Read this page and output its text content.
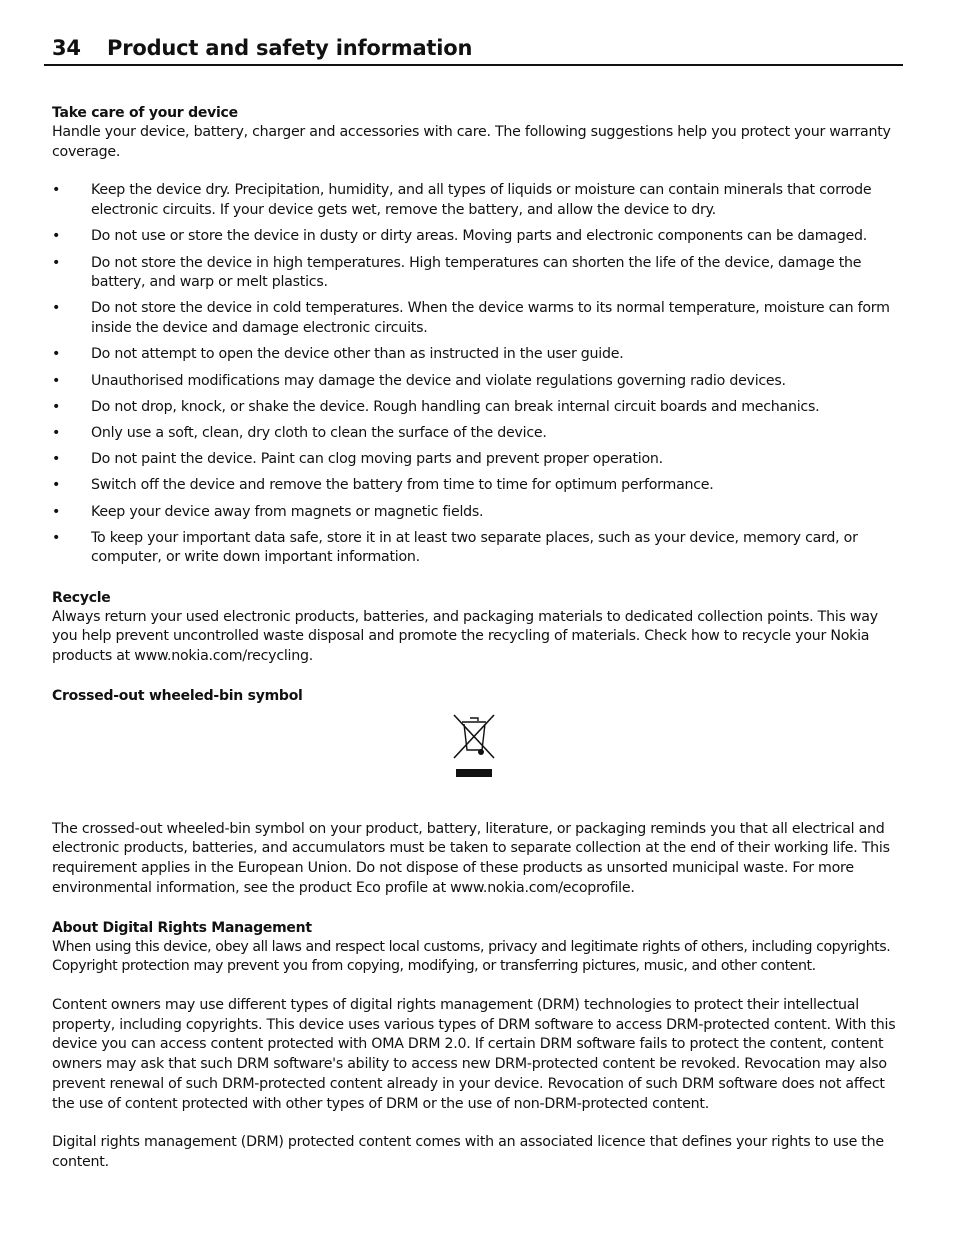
34	Product and safety information
Take care of your device

Handle your device, battery, charger and accessories with care. The following suggestions help you protect your warranty coverage.

• Keep the device dry. Precipitation, humidity, and all types of liquids or moisture can contain minerals that corrode electronic circuits. If your device gets wet, remove the battery, and allow the device to dry.
• Do not use or store the device in dusty or dirty areas. Moving parts and electronic components can be damaged.
• Do not store the device in high temperatures. High temperatures can shorten the life of the device, damage the battery, and warp or melt plastics.
• Do not store the device in cold temperatures. When the device warms to its normal temperature, moisture can form inside the device and damage electronic circuits.
• Do not attempt to open the device other than as instructed in the user guide.
• Unauthorised modifications may damage the device and violate regulations governing radio devices.
• Do not drop, knock, or shake the device. Rough handling can break internal circuit boards and mechanics.
• Only use a soft, clean, dry cloth to clean the surface of the device.
• Do not paint the device. Paint can clog moving parts and prevent proper operation.
• Switch off the device and remove the battery from time to time for optimum performance.
• Keep your device away from magnets or magnetic fields.
• To keep your important data safe, store it in at least two separate places, such as your device, memory card, or computer, or write down important information.
Recycle

Always return your used electronic products, batteries, and packaging materials to dedicated collection points. This way you help prevent uncontrolled waste disposal and promote the recycling of materials. Check how to recycle your Nokia products at www.nokia.com/recycling.

Crossed-out wheeled-bin symbol

The crossed-out wheeled-bin symbol on your product, battery, literature, or packaging reminds you that all electrical and electronic products, batteries, and accumulators must be taken to separate collection at the end of their working life. This requirement applies in the European Union. Do not dispose of these products as unsorted municipal waste. For more environmental information, see the product Eco profile at www.nokia.com/ecoprofile.

About Digital Rights Management

When using this device, obey all laws and respect local customs, privacy and legitimate rights of others, including copyrights. Copyright protection may prevent you from copying, modifying, or transferring pictures, music, and other content.

Content owners may use different types of digital rights management (DRM) technologies to protect their intellectual property, including copyrights. This device uses various types of DRM software to access DRM-protected content. With this device you can access content protected with OMA DRM 2.0. If certain DRM software fails to protect the content, content owners may ask that such DRM software's ability to access new DRM-protected content be revoked. Revocation may also prevent renewal of such DRM-protected content already in your device. Revocation of such DRM software does not affect the use of content protected with other types of DRM or the use of non-DRM-protected content.

Digital rights management (DRM) protected content comes with an associated licence that defines your rights to use the content.
